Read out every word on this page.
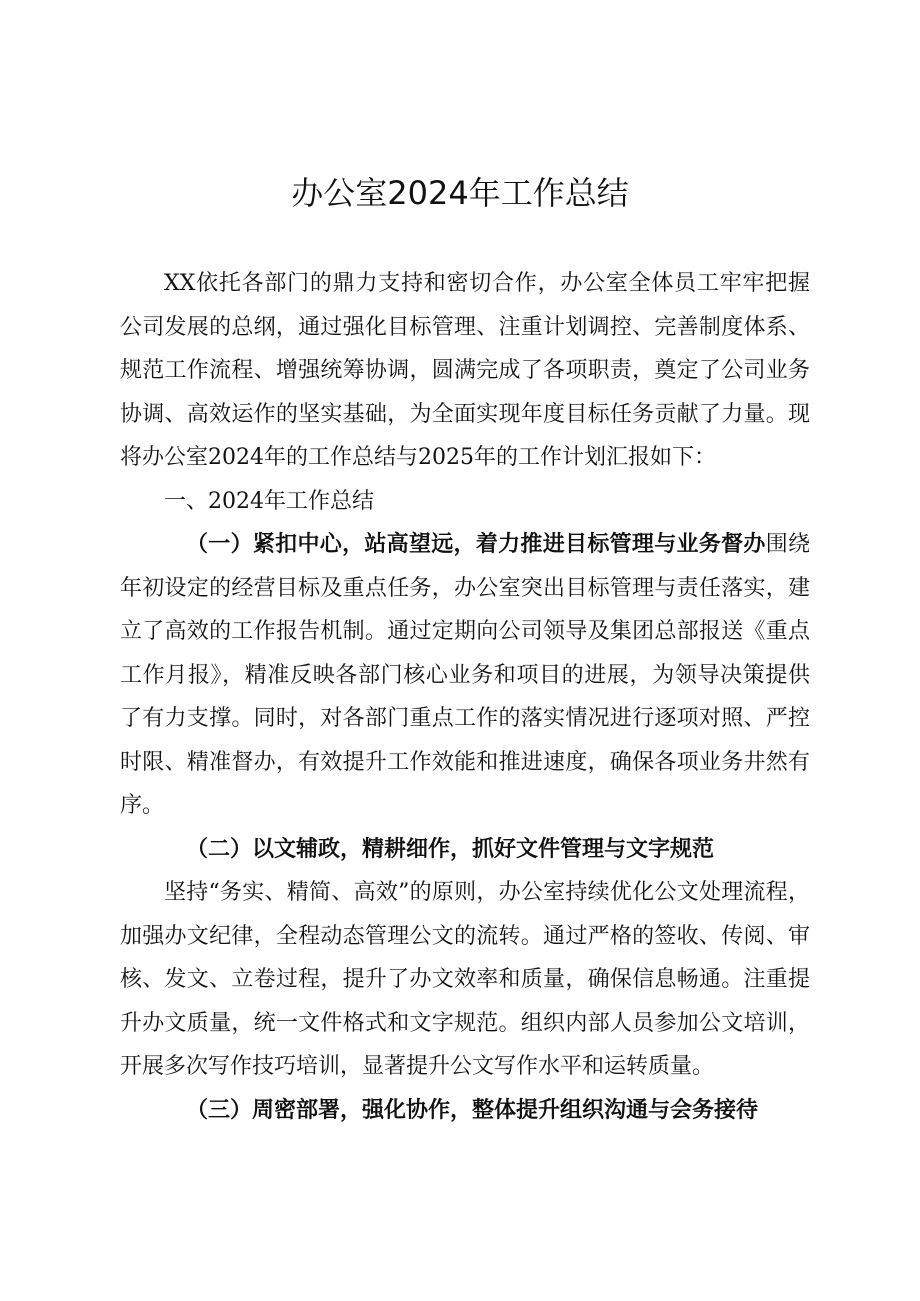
办公室2024年工作总结

XX依托各部门的鼎力支持和密切合作，办公室全体员工牢牢把握公司发展的总纲，通过强化目标管理、注重计划调控、完善制度体系、规范工作流程、增强统筹协调，圆满完成了各项职责，奠定了公司业务协调、高效运作的坚实基础，为全面实现年度目标任务贡献了力量。现将办公室2024年的工作总结与2025年的工作计划汇报如下：

一、2024年工作总结

（一）紧扣中心，站高望远，着力推进目标管理与业务督办围绕年初设定的经营目标及重点任务，办公室突出目标管理与责任落实，建立了高效的工作报告机制。通过定期向公司领导及集团总部报送《重点工作月报》，精准反映各部门核心业务和项目的进展，为领导决策提供了有力支撑。同时，对各部门重点工作的落实情况进行逐项对照、严控时限、精准督办，有效提升工作效能和推进速度，确保各项业务井然有序。

（二）以文辅政，精耕细作，抓好文件管理与文字规范

坚持“务实、精简、高效”的原则，办公室持续优化公文处理流程，加强办文纪律，全程动态管理公文的流转。通过严格的签收、传阅、审核、发文、立卷过程，提升了办文效率和质量，确保信息畅通。注重提升办文质量，统一文件格式和文字规范。组织内部人员参加公文培训，开展多次写作技巧培训，显著提升公文写作水平和运转质量。

（三）周密部署，强化协作，整体提升组织沟通与会务接待
